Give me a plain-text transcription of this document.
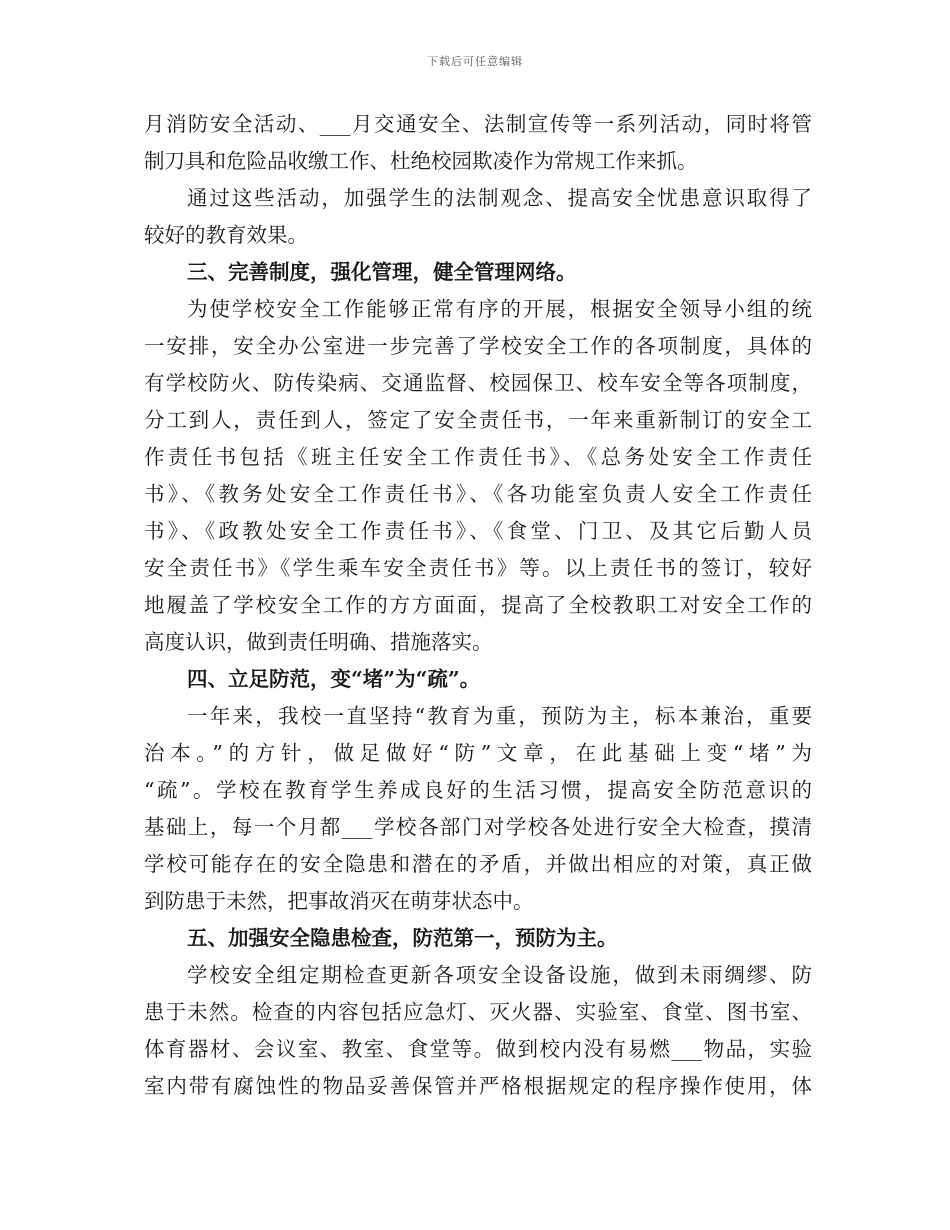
下载后可任意编辑
月消防安全活动、___月交通安全、法制宣传等一系列活动，同时将管
制刀具和危险品收缴工作、杜绝校园欺凌作为常规工作来抓。
通过这些活动，加强学生的法制观念、提高安全忧患意识取得了
较好的教育效果。
三、完善制度，强化管理，健全管理网络。
为使学校安全工作能够正常有序的开展，根据安全领导小组的统
一安排，安全办公室进一步完善了学校安全工作的各项制度，具体的
有学校防火、防传染病、交通监督、校园保卫、校车安全等各项制度，
分工到人，责任到人，签定了安全责任书，一年来重新制订的安全工
作责任书包括《班主任安全工作责任书》、《总务处安全工作责任
书》、《教务处安全工作责任书》、《各功能室负责人安全工作责任
书》、《政教处安全工作责任书》、《食堂、门卫、及其它后勤人员
安全责任书》《学生乘车安全责任书》等。以上责任书的签订，较好
地履盖了学校安全工作的方方面面，提高了全校教职工对安全工作的
高度认识，做到责任明确、措施落实。
四、立足防范，变“堵”为“疏”。
一年来，我校一直坚持“教育为重，预防为主，标本兼治，重要
治本。”的方针，做足做好“防”文章，在此基础上变“堵”为
“疏”。学校在教育学生养成良好的生活习惯，提高安全防范意识的
基础上，每一个月都___学校各部门对学校各处进行安全大检查，摸清
学校可能存在的安全隐患和潜在的矛盾，并做出相应的对策，真正做
到防患于未然，把事故消灭在萌芽状态中。
五、加强安全隐患检查，防范第一，预防为主。
学校安全组定期检查更新各项安全设备设施，做到未雨绸缪、防
患于未然。检查的内容包括应急灯、灭火器、实验室、食堂、图书室、
体育器材、会议室、教室、食堂等。做到校内没有易燃___物品，实验
室内带有腐蚀性的物品妥善保管并严格根据规定的程序操作使用，体
